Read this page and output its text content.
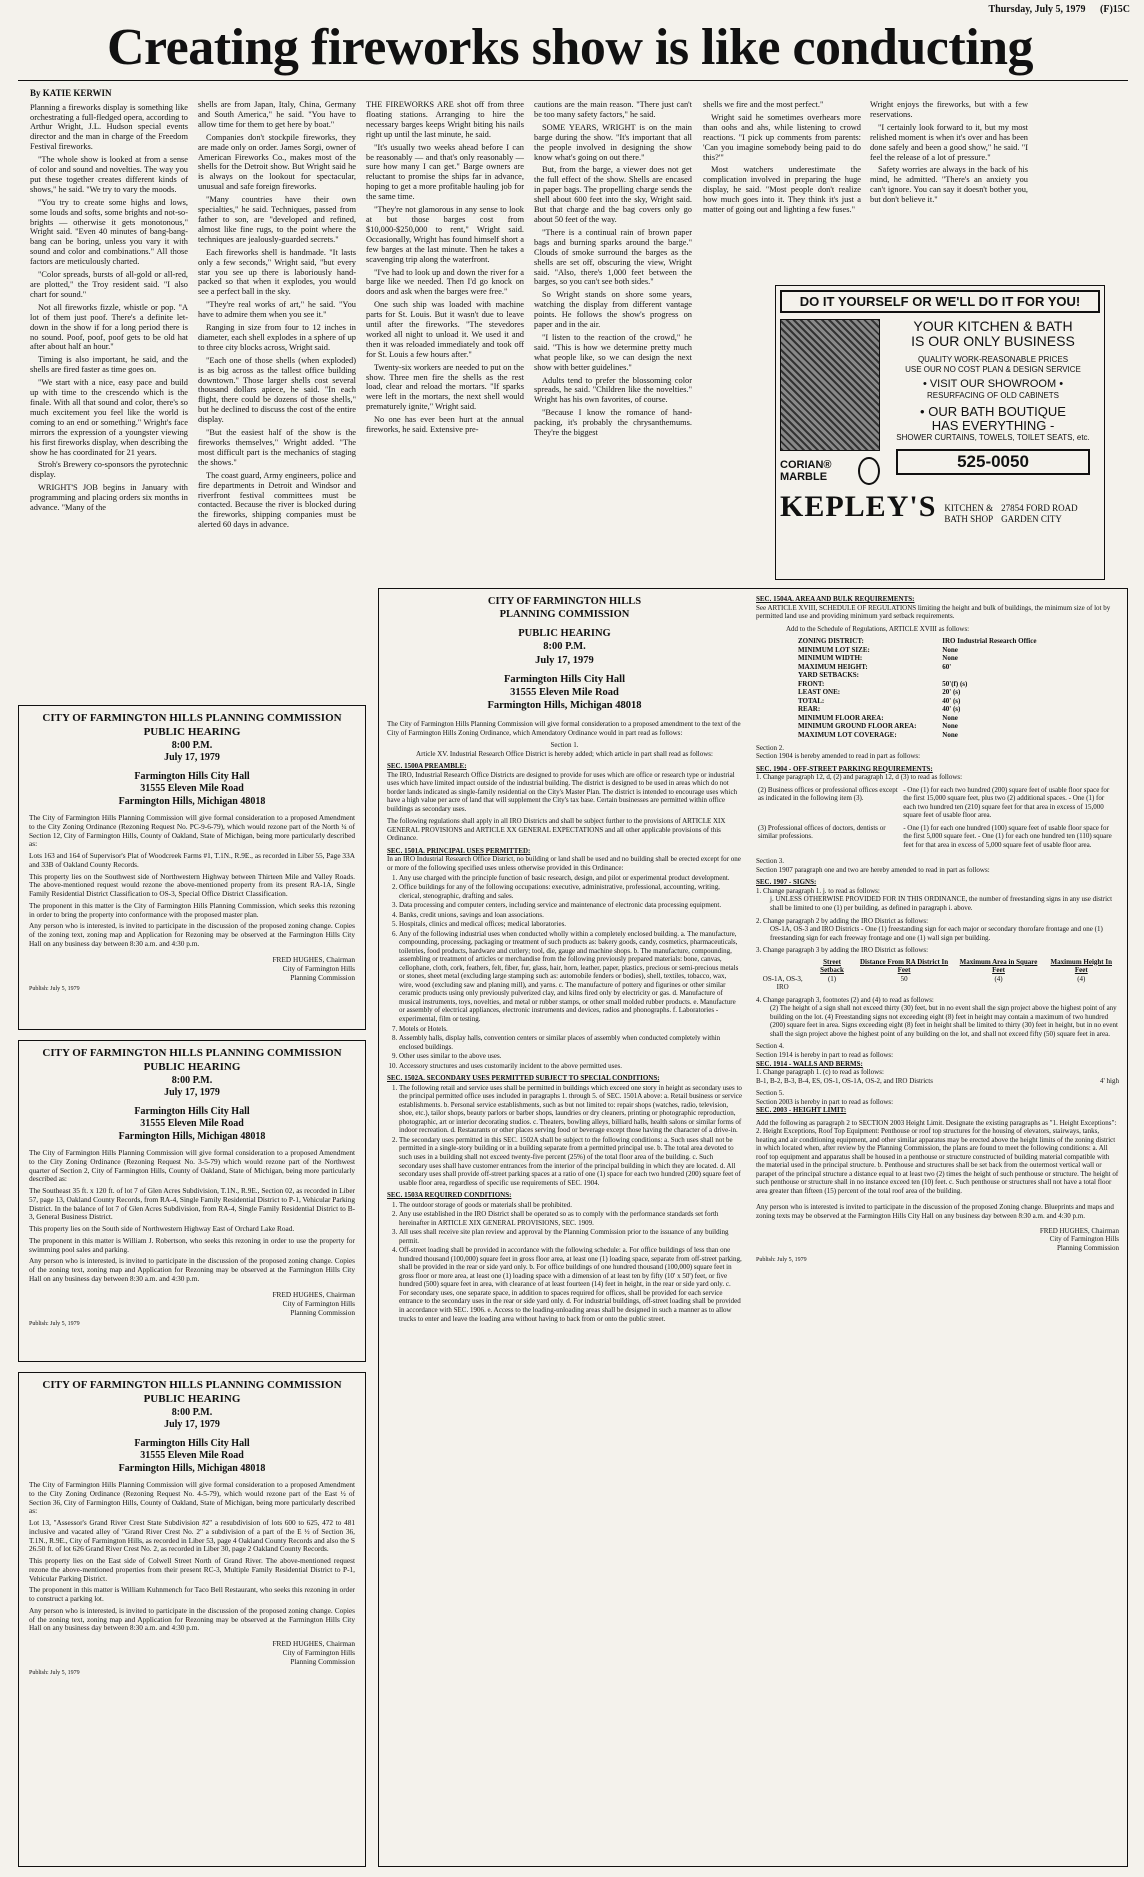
Thursday, July 5, 1979 (F)15C
Creating fireworks show is like conducting
By KATIE KERWIN

Planning a fireworks display is something like orchestrating a full-fledged opera, according to Arthur Wright, J.L. Hudson special events director and the man in charge of the Freedom Festival fireworks.

"The whole show is looked at from a sense of color and sound and novelties. The way you put these together creates different kinds of shows," he said. "We try to vary the moods.

"You try to create some highs and lows, some louds and softs, some brights and not-so-brights — otherwise it gets monotonous," Wright said. "Even 40 minutes of bang-bang-bang can be boring, unless you vary it with sound and color and combinations." All those factors are meticulously charted.

"Color spreads, bursts of all-gold or all-red, are plotted," the Troy resident said. "I also chart for sound."

Not all fireworks fizzle, whistle or pop. "A lot of them just poof. There's a definite let-down in the show if for a long period there is no sound. Poof, poof, poof gets to be old hat after about half an hour."

Timing is also important, he said, and the shells are fired faster as time goes on.

"We start with a nice, easy pace and build up with time to the crescendo which is the finale. With all that sound and color, there's so much excitement you feel like the world is coming to an end or something." Wright's face mirrors the expression of a youngster viewing his first fireworks display, when describing the show he has coordinated for 21 years.

Stroh's Brewery co-sponsors the pyrotechnic display.

WRIGHT'S JOB begins in January with programming and placing orders six months in advance. "Many of the

shells are from Japan, Italy, China, Germany and South America," he said. "You have to allow time for them to get here by boat."

Companies don't stockpile fireworks, they are made only on order. James Sorgi, owner of American Fireworks Co., makes most of the shells for the Detroit show. But Wright said he is always on the lookout for spectacular, unusual and safe foreign fireworks.

"Many countries have their own specialties," he said. Techniques, passed from father to son, are "developed and refined, almost like fine rugs, to the point where the techniques are jealously-guarded secrets."

Each fireworks shell is handmade. "It lasts only a few seconds," Wright said, "but every star you see up there is laboriously hand-packed so that when it explodes, you would see a perfect ball in the sky.

"They're real works of art," he said. "You have to admire them when you see it."

Ranging in size from four to 12 inches in diameter, each shell explodes in a sphere of up to three city blocks across, Wright said.

"Each one of those shells (when exploded) is as big across as the tallest office building downtown." Those larger shells cost several thousand dollars apiece, he said. "In each flight, there could be dozens of those shells," but he declined to discuss the cost of the entire display.

"But the easiest half of the show is the fireworks themselves," Wright added. "The most difficult part is the mechanics of staging the shows."

The coast guard, Army engineers, police and fire departments in Detroit and Windsor and riverfront festival committees must be contacted. Because the river is blocked during the fireworks, shipping companies must be alerted 60 days in advance.

THE FIREWORKS ARE shot off from three floating stations. Arranging to hire the necessary barges keeps Wright biting his nails right up until the last minute, he said.

"It's usually two weeks ahead before I can be reasonably — and that's only reasonably — sure how many I can get." Barge owners are reluctant to promise the ships far in advance, hoping to get a more profitable hauling job for the same time.

"They're not glamorous in any sense to look at but those barges cost from $10,000-$250,000 to rent," Wright said. Occasionally, Wright has found himself short a few barges at the last minute. Then he takes a scavenging trip along the waterfront.

"I've had to look up and down the river for a barge like we needed. Then I'd go knock on doors and ask when the barges were free."

One such ship was loaded with machine parts for St. Louis. But it wasn't due to leave until after the fireworks. "The stevedores worked all night to unload it. We used it and then it was reloaded immediately and took off for St. Louis a few hours after."

Twenty-six workers are needed to put on the show. Three men fire the shells as the rest load, clear and reload the mortars. "If sparks were left in the mortars, the next shell would prematurely ignite," Wright said.

No one has ever been hurt at the annual fireworks, he said. Extensive pre-

cautions are the main reason. "There just can't be too many safety factors," he said.

SOME YEARS, WRIGHT is on the main barge during the show. "It's important that all the people involved in designing the show know what's going on out there."

But, from the barge, a viewer does not get the full effect of the show. Shells are encased in paper bags. The propelling charge sends the shell about 600 feet into the sky, Wright said. But that charge and the bag covers only go about 50 feet of the way.

"There is a continual rain of brown paper bags and burning sparks around the barge." Clouds of smoke surround the barges as the shells are set off, obscuring the view, Wright said. "Also, there's 1,000 feet between the barges, so you can't see both sides."

So Wright stands on shore some years, watching the display from different vantage points. He follows the show's progress on paper and in the air.

"I listen to the reaction of the crowd," he said. "This is how we determine pretty much what people like, so we can design the next show with better guidelines."

Adults tend to prefer the blossoming color spreads, he said. "Children like the novelties." Wright has his own favorites, of course.

"Because I know the romance of hand-packing, it's probably the chrysanthemums. They're the biggest

shells we fire and the most perfect."

Wright said he sometimes overhears more than oohs and ahs, while listening to crowd reactions. "I pick up comments from parents: 'Can you imagine somebody being paid to do this?'"

Most watchers underestimate the complication involved in preparing the huge display, he said. "Most people don't realize how much goes into it. They think it's just a matter of going out and lighting a few fuses."

Wright enjoys the fireworks, but with a few reservations.

"I certainly look forward to it, but my most relished moment is when it's over and has been done safely and been a good show," he said. "I feel the release of a lot of pressure."

Safety worries are always in the back of his mind, he admitted. "There's an anxiety you can't ignore. You can say it doesn't bother you, but don't believe it."

DO IT YOURSELF OR WE'LL DO IT FOR YOU!
CORIAN® MARBLE
YOUR KITCHEN & BATH
IS OUR ONLY BUSINESS
QUALITY WORK-REASONABLE PRICES
USE OUR NO COST PLAN & DESIGN SERVICE
• VISIT OUR SHOWROOM •
RESURFACING OF OLD CABINETS
• OUR BATH BOUTIQUE
HAS EVERYTHING -
SHOWER CURTAINS, TOWELS, TOILET SEATS, etc.
525-0050
KEPLEY'S KITCHEN &
BATH SHOP
27854 FORD ROAD
GARDEN CITY
CITY OF FARMINGTON HILLS PLANNING COMMISSION
PUBLIC HEARING
8:00 P.M.
July 17, 1979
Farmington Hills City Hall
31555 Eleven Mile Road
Farmington Hills, Michigan 48018

The City of Farmington Hills Planning Commission will give formal consideration to a proposed Amendment to the City Zoning Ordinance (Rezoning Request No. PC-9-6-79), which would rezone part of the North ¼ of Section 12, City of Farmington Hills, County of Oakland, State of Michigan, being more particularly described as:

Lots 163 and 164 of Supervisor's Plat of Woodcreek Farms #1, T.1N., R.9E., as recorded in Liber 55, Page 33A and 33B of Oakland County Records.

This property lies on the Southwest side of Northwestern Highway between Thirteen Mile and Valley Roads. The above-mentioned request would rezone the above-mentioned property from its present RA-1A, Single Family Residential District Classification to OS-3, Special Office District Classification.

The proponent in this matter is the City of Farmington Hills Planning Commission, which seeks this rezoning in order to bring the property into conformance with the proposed master plan.

Any person who is interested, is invited to participate in the discussion of the proposed zoning change. Copies of the zoning text, zoning map and Application for Rezoning may be observed at the Farmington Hills City Hall on any business day between 8:30 a.m. and 4:30 p.m.

FRED HUGHES, Chairman
City of Farmington Hills
Planning Commission
Publish: July 5, 1979
CITY OF FARMINGTON HILLS PLANNING COMMISSION
PUBLIC HEARING
8:00 P.M.
July 17, 1979
Farmington Hills City Hall
31555 Eleven Mile Road
Farmington Hills, Michigan 48018

The City of Farmington Hills Planning Commission will give formal consideration to a proposed Amendment to the City Zoning Ordinance (Rezoning Request No. 3-5-79) which would rezone part of the Northwest quarter of Section 2, City of Farmington Hills, County of Oakland, State of Michigan, being more particularly described as:

The Southeast 35 ft. x 120 ft. of lot 7 of Glen Acres Subdivision, T.1N., R.9E., Section 02, as recorded in Liber 57, page 13, Oakland County Records, from RA-4, Single Family Residential District to P-1, Vehicular Parking District. In the balance of lot 7 of Glen Acres Subdivision, from RA-4, Single Family Residential District to B-3, General Business District.

This property lies on the South side of Northwestern Highway East of Orchard Lake Road.

The proponent in this matter is William J. Robertson, who seeks this rezoning in order to use the property for swimming pool sales and parking.

Any person who is interested, is invited to participate in the discussion of the proposed zoning change. Copies of the zoning text, zoning map and Application for Rezoning may be observed at the Farmington Hills City Hall on any business day between 8:30 a.m. and 4:30 p.m.

FRED HUGHES, Chairman
City of Farmington Hills
Planning Commission
Publish: July 5, 1979
CITY OF FARMINGTON HILLS PLANNING COMMISSION
PUBLIC HEARING
8:00 P.M.
July 17, 1979
Farmington Hills City Hall
31555 Eleven Mile Road
Farmington Hills, Michigan 48018

The City of Farmington Hills Planning Commission will give formal consideration to a proposed Amendment to the City Zoning Ordinance (Rezoning Request No. 4-5-79), which would rezone part of the East ½ of Section 36, City of Farmington Hills, County of Oakland, State of Michigan, being more particularly described as:

Lot 13, "Assessor's Grand River Crest State Subdivision #2" a resubdivision of lots 600 to 625, 472 to 481 inclusive and vacated alley of "Grand River Crest No. 2" a subdivision of a part of the E ½ of Section 36, T.1N., R.9E., City of Farmington Hills, as recorded in Liber 53, page 4 Oakland County Records and also the S 26.50 ft. of lot 626 Grand River Crest No. 2, as recorded in Liber 30, page 2 Oakland County Records.

This property lies on the East side of Colwell Street North of Grand River. The above-mentioned request rezone the above-mentioned properties from their present RC-3, Multiple Family Residential District to P-1, Vehicular Parking District.

The proponent in this matter is William Kuhnmench for Taco Bell Restaurant, who seeks this rezoning in order to construct a parking lot.

Any person who is interested, is invited to participate in the discussion of the proposed zoning change. Copies of the zoning text, zoning map and Application for Rezoning may be observed at the Farmington Hills City Hall on any business day between 8:30 a.m. and 4:30 p.m.

FRED HUGHES, Chairman
City of Farmington Hills
Planning Commission
Publish: July 5, 1979
CITY OF FARMINGTON HILLS
PLANNING COMMISSION
PUBLIC HEARING
8:00 P.M.
July 17, 1979
Farmington Hills City Hall
31555 Eleven Mile Road
Farmington Hills, Michigan 48018
The City of Farmington Hills Planning Commission will give formal consideration to a proposed amendment to the text of the City of Farmington Hills Zoning Ordinance, which Amendatory Ordinance would in part read as follows:
Section 1.
Article XV. Industrial Research Office District is hereby added; which article in part shall read as follows:
SEC. 1500A PREAMBLE:
The IRO, Industrial Research Office Districts are designed to provide for uses which are office or research type or industrial uses which have limited impact outside of the industrial building. The district is designed to be used in areas which do not border lands indicated as single-family residential on the City's Master Plan. The district is intended to encourage uses which have a high value per acre of land that will supplement the City's tax base. Certain businesses are permitted within office buildings as secondary uses.
The following regulations shall apply in all IRO Districts and shall be subject further to the provisions of ARTICLE XIX GENERAL PROVISIONS and ARTICLE XX GENERAL EXPECTATIONS and all other applicable provisions of this Ordinance.
SEC. 1501A. PRINCIPAL USES PERMITTED:
In an IRO Industrial Research Office District, no building or land shall be used and no building shall be erected except for one or more of the following specified uses unless otherwise provided in this Ordinance:
1. Any use charged with the principle function of basic research, design, and pilot or experimental product development.
2. Office buildings for any of the following occupations: executive, administrative, professional, accounting, writing, clerical, stenographic, drafting and sales.
3. Data processing and computer centers, including service and maintenance of electronic data processing equipment.
4. Banks, credit unions, savings and loan associations.
5. Hospitals, clinics and medical offices; medical laboratories.
6. Any of the following industrial uses when conducted wholly within a completely enclosed building. a. The manufacture, compounding, processing, packaging or treatment of such products as: bakery goods, candy, cosmetics, pharmaceuticals, toiletries, food products, hardware and cutlery; tool, die, gauge and machine shops. b. The manufacture, compounding, assembling or treatment of articles or merchandise from the following previously prepared materials: bone, canvas, cellophane, cloth, cork, feathers, felt, fiber, fur, glass, hair, horn, leather, paper, plastics, precious or semi-precious metals or stones, sheet metal (excluding large stamping such as: automobile fenders or bodies), shell, textiles, tobacco, wax, wire, wood (excluding saw and planing mill), and yarns. c. The manufacture of pottery and figurines or other similar ceramic products using only previously pulverized clay, and kilns fired only by electricity or gas. d. Manufacture of musical instruments, toys, novelties, and metal or rubber stamps, or other small molded rubber products. e. Manufacture or assembly of electrical appliances, electronic instruments and devices, radios and phonographs. f. Laboratories - experimental, film or testing.
7. Motels or Hotels.
8. Assembly halls, display halls, convention centers or similar places of assembly when conducted completely within enclosed buildings.
9. Other uses similar to the above uses.
10. Accessory structures and uses customarily incident to the above permitted uses.
SEC. 1502A. SECONDARY USES PERMITTED SUBJECT TO SPECIAL CONDITIONS:
1. The following retail and service uses shall be permitted in buildings which exceed one story in height as secondary uses to the principal permitted office uses included in paragraphs 1. through 5. of SEC. 1501A above: a. Retail business or service establishments. b. Personal service establishments, such as but not limited to: repair shops (watches, radio, television, shoe, etc.), tailor shops, beauty parlors or barber shops, laundries or dry cleaners, printing or photographic reproduction, photographic, art or interior decorating studios. c. Theaters, bowling alleys, billiard halls, health salons or similar forms of indoor recreation. d. Restaurants or other places serving food or beverage except those having the character of a drive-in.
2. The secondary uses permitted in this SEC. 1502A shall be subject to the following conditions: a. Such uses shall not be permitted in a single-story building or in a building separate from a permitted principal use. b. The total area devoted to such uses in a building shall not exceed twenty-five percent (25%) of the total floor area of the building. c. Such secondary uses shall have customer entrances from the interior of the principal building in which they are located. d. All secondary uses shall provide off-street parking spaces at a ratio of one (1) space for each two hundred (200) square feet of usable floor area, regardless of specific use requirements of SEC. 1904.
SEC. 1503A REQUIRED CONDITIONS:
1. The outdoor storage of goods or materials shall be prohibited.
2. Any use established in the IRO District shall be operated so as to comply with the performance standards set forth hereinafter in ARTICLE XIX GENERAL PROVISIONS, SEC. 1909.
3. All uses shall receive site plan review and approval by the Planning Commission prior to the issuance of any building permit.
4. Off-street loading shall be provided in accordance with the following schedule: a. For office buildings of less than one hundred thousand (100,000) square feet in gross floor area, at least one (1) loading space, separate from off-street parking, shall be provided in the rear or side yard only. b. For office buildings of one hundred thousand (100,000) square feet in gross floor or more area, at least one (1) loading space with a dimension of at least ten by fifty (10' x 50') feet, or five hundred (500) square feet in area, with clearance of at least fourteen (14) feet in height, in the rear or side yard only. c. For secondary uses, one separate space, in addition to spaces required for offices, shall be provided for each service entrance to the secondary uses in the rear or side yard only. d. For industrial buildings, off-street loading shall be provided in accordance with SEC. 1906. e. Access to the loading-unloading areas shall be designed in such a manner as to allow trucks to enter and leave the loading area without having to back from or onto the public street.
SEC. 1504A. AREA AND BULK REQUIREMENTS:
See ARTICLE XVIII, SCHEDULE OF REGULATIONS limiting the height and bulk of buildings, the minimum size of lot by permitted land use and providing minimum yard setback requirements.
Add to the Schedule of Regulations, ARTICLE XVIII as follows:
ZONING DISTRICT:	IRO Industrial Research Office
MINIMUM LOT SIZE:	None
MINIMUM WIDTH:	None
MAXIMUM HEIGHT:	60'
YARD SETBACKS:	
FRONT:	50'(f) (s)
LEAST ONE:	20' (s)
TOTAL:	40' (s)
REAR:	40' (s)
MINIMUM FLOOR AREA:	None
MINIMUM GROUND FLOOR AREA:	None
MAXIMUM LOT COVERAGE:	None
Section 2.
Section 1904 is hereby amended to read in part as follows:
SEC. 1904 - OFF-STREET PARKING REQUIREMENTS:
1. Change paragraph 12, d, (2) and paragraph 12, d (3) to read as follows:
(2) Business offices or professional offices except as indicated in the following item (3).	- One (1) for each two hundred (200) square feet of usable floor space for the first 15,000 square feet, plus two (2) additional spaces. - One (1) for each two hundred ten (210) square feet for that area in excess of 15,000 square feet of usable floor area.
(3) Professional offices of doctors, dentists or similar professions.	- One (1) for each one hundred (100) square feet of usable floor space for the first 5,000 square feet. - One (1) for each one hundred ten (110) square feet for that area in excess of 5,000 square feet of usable floor area.
Section 3.
Section 1907 paragraph one and two are hereby amended to read in part as follows:
SEC. 1907 - SIGNS:
1. Change paragraph 1. j. to read as follows:
j. UNLESS OTHERWISE PROVIDED FOR IN THIS ORDINANCE, the number of freestanding signs in any use district shall be limited to one (1) per building, as defined in paragraph i. above.
2. Change paragraph 2 by adding the IRO District as follows:
OS-1A, OS-3 and IRO Districts - One (1) freestanding sign for each major or secondary thorofare frontage and one (1) freestanding sign for each freeway frontage and one (1) wall sign per building.
3. Change paragraph 3 by adding the IRO District as follows:
	Street Setback	Distance From RA District In Feet	Maximum Area in Square Feet	Maximum Height In Feet
OS-1A, OS-3, IRO	(1)	50	(4)	(4)
4. Change paragraph 3, footnotes (2) and (4) to read as follows:
(2) The height of a sign shall not exceed thirty (30) feet, but in no event shall the sign project above the highest point of any building on the lot. (4) Freestanding signs not exceeding eight (8) feet in height may contain a maximum of two hundred (200) square feet in area. Signs exceeding eight (8) feet in height shall be limited to thirty (30) feet in height, but in no event shall the sign project above the highest point of any building on the lot, and shall not exceed fifty (50) square feet in area.
Section 4.
Section 1914 is hereby in part to read as follows:
SEC. 1914 - WALLS AND BERMS:
1. Change paragraph 1. (c) to read as follows:
B-1, B-2, B-3, B-4, ES, OS-1, OS-1A, OS-2, and IRO Districts	4' high
Section 5.
Section 2003 is hereby in part to read as follows:
SEC. 2003 - HEIGHT LIMIT:
Add the following as paragraph 2 to SECTION 2003 Height Limit. Designate the existing paragraphs as "1. Height Exceptions":
2. Height Exceptions, Roof Top Equipment: Penthouse or roof top structures for the housing of elevators, stairways, tanks, heating and air conditioning equipment, and other similar apparatus may be erected above the height limits of the zoning district in which located when, after review by the Planning Commission, the plans are found to meet the following conditions: a. All roof top equipment and apparatus shall be housed in a penthouse or structure constructed of building material compatible with the material used in the principal structure. b. Penthouse and structures shall be set back from the outermost vertical wall or parapet of the principal structure a distance equal to at least two (2) times the height of such penthouse or structure. The height of such penthouse or structure shall in no instance exceed ten (10) feet. c. Such penthouse or structures shall not have a total floor area greater than fifteen (15) percent of the total roof area of the building.
Any person who is interested is invited to participate in the discussion of the proposed Zoning change. Blueprints and maps and zoning texts may be observed at the Farmington Hills City Hall on any business day between 8:30 a.m. and 4:30 p.m.
FRED HUGHES, Chairman
City of Farmington Hills
Planning Commission
Publish: July 5, 1979
